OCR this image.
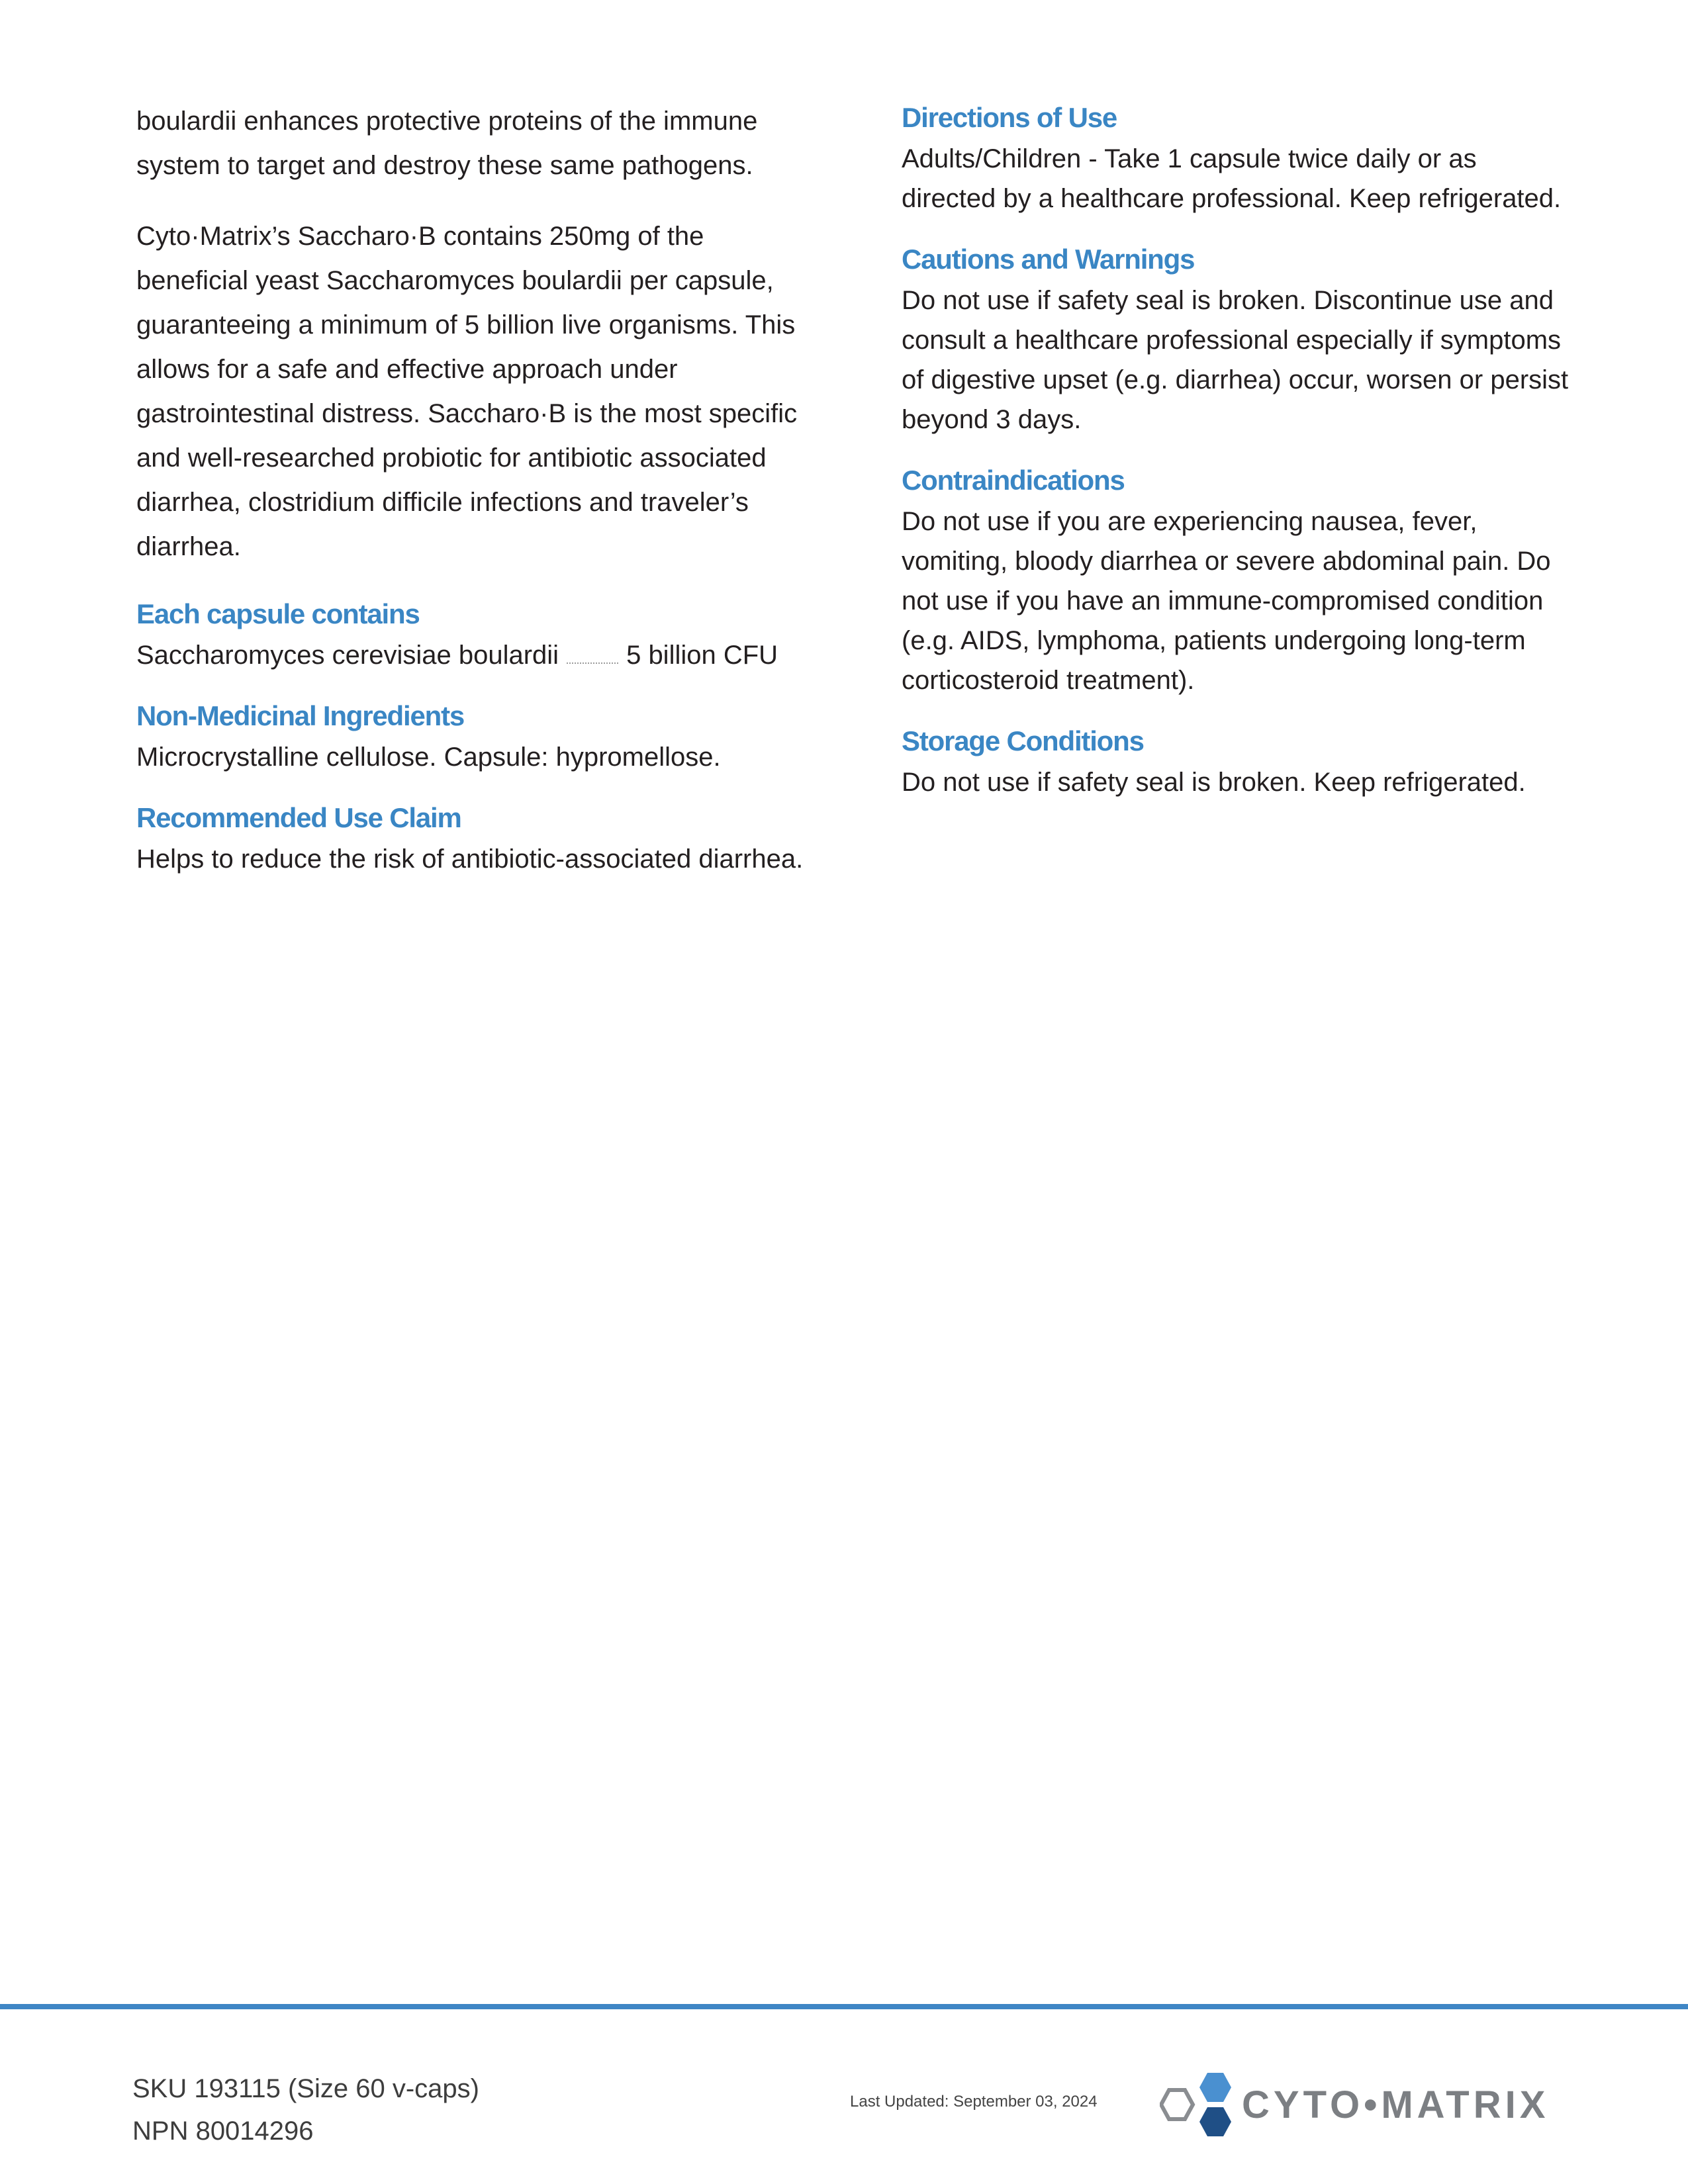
boulardii enhances protective proteins of the immune system to target and destroy these same pathogens.

Cyto·Matrix’s Saccharo·B contains 250mg of the beneficial yeast Saccharomyces boulardii per capsule, guaranteeing a minimum of 5 billion live organisms. This allows for a safe and effective approach under gastrointestinal distress. Saccharo·B is the most specific and well-researched probiotic for antibiotic associated diarrhea, clostridium difficile infections and traveler’s diarrhea.

Each capsule contains
Saccharomyces cerevisiae boulardii	5 billion CFU
Non-Medicinal Ingredients

Microcrystalline cellulose. Capsule: hypromellose.

Recommended Use Claim

Helps to reduce the risk of antibiotic-associated diarrhea.

Directions of Use

Adults/Children - Take 1 capsule twice daily or as directed by a healthcare professional. Keep refrigerated.

Cautions and Warnings

Do not use if safety seal is broken. Discontinue use and consult a healthcare professional especially if symptoms of digestive upset (e.g. diarrhea) occur, worsen or persist beyond 3 days.

Contraindications

Do not use if you are experiencing nausea, fever, vomiting, bloody diarrhea or severe abdominal pain. Do not use if you have an immune-compromised condition (e.g. AIDS, lymphoma, patients undergoing long-term corticosteroid treatment).

Storage Conditions

Do not use if safety seal is broken. Keep refrigerated.

SKU 193115 (Size 60 v-caps)
NPN 80014296
Last Updated: September 03, 2024	CYTO•MATRIX
